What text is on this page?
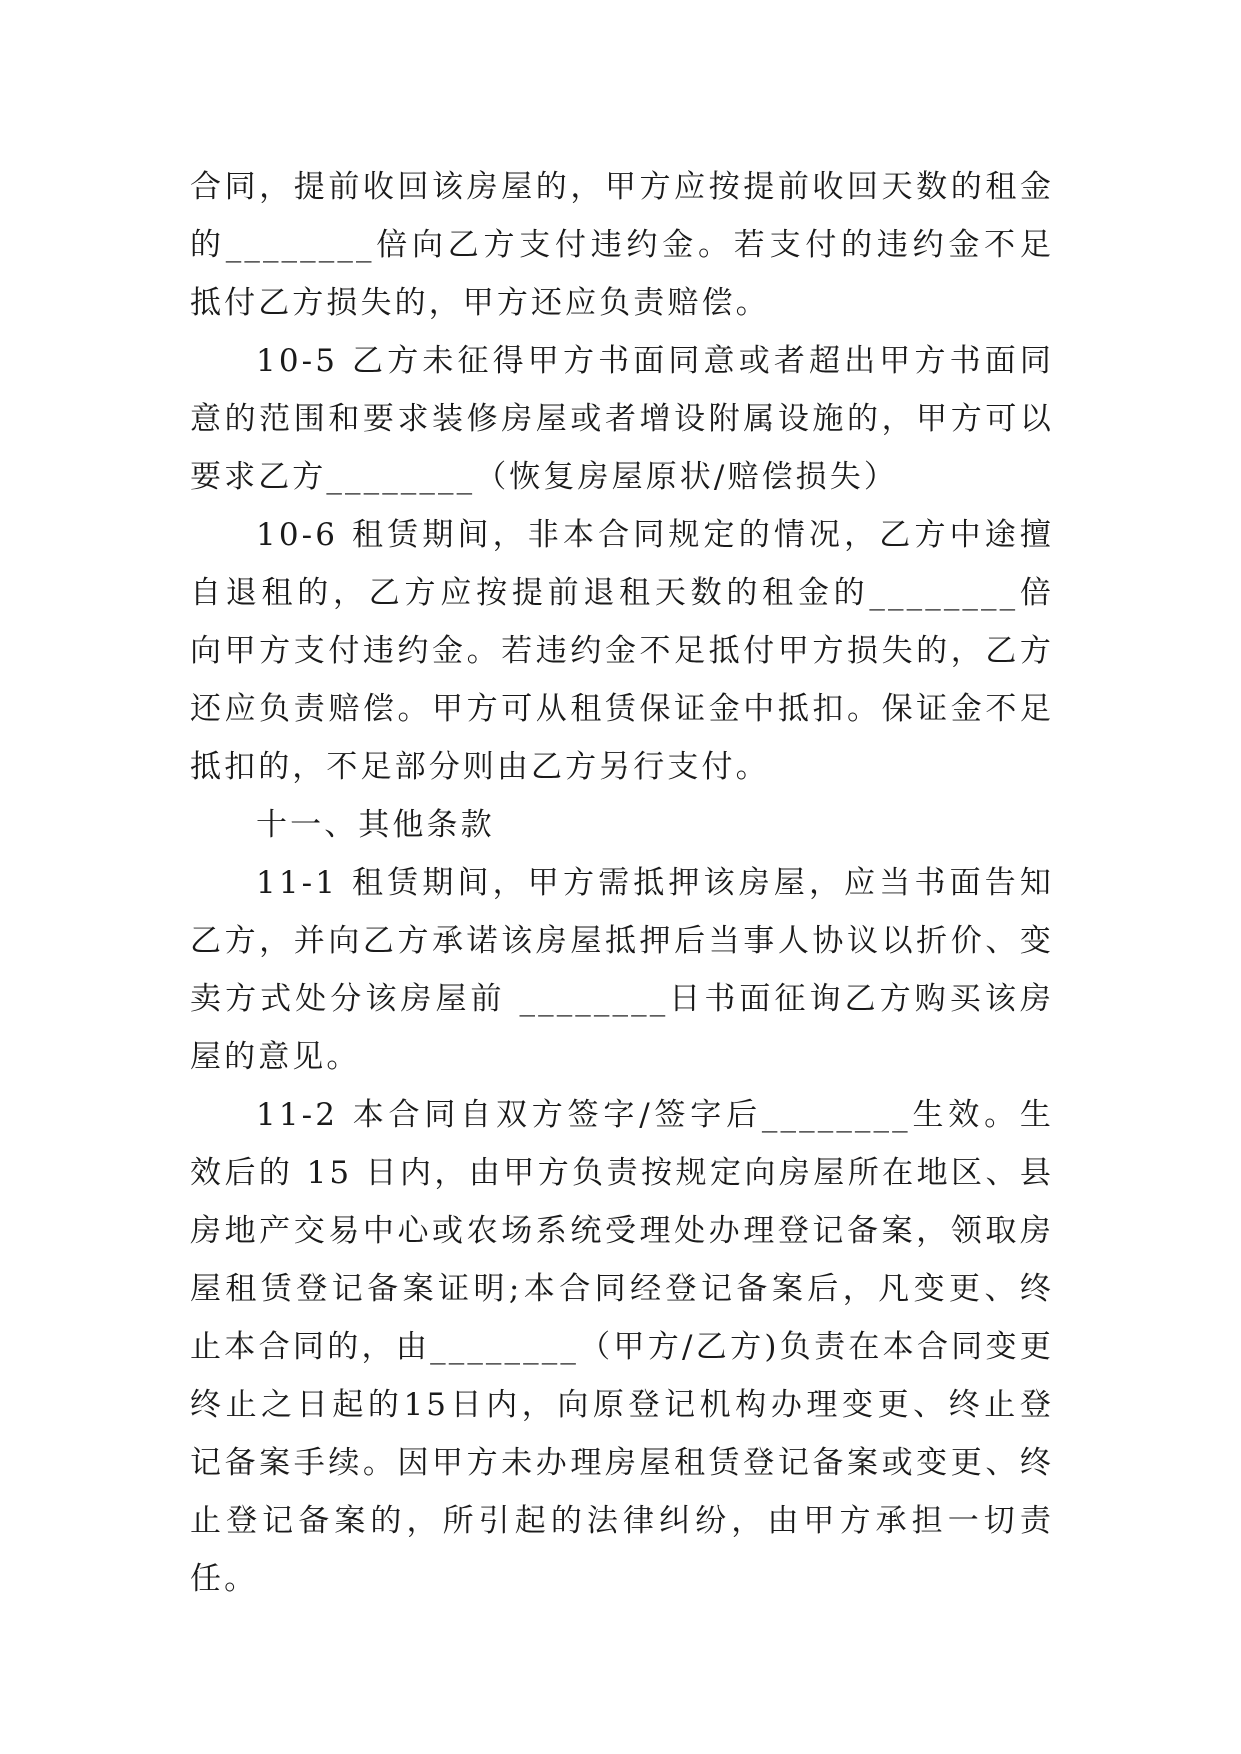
合同，提前收回该房屋的，甲方应按提前收回天数的租金的________倍向乙方支付违约金。若支付的违约金不足抵付乙方损失的，甲方还应负责赔偿。

10-5 乙方未征得甲方书面同意或者超出甲方书面同意的范围和要求装修房屋或者增设附属设施的，甲方可以要求乙方________（恢复房屋原状/赔偿损失）

10-6 租赁期间，非本合同规定的情况，乙方中途擅自退租的，乙方应按提前退租天数的租金的________倍向甲方支付违约金。若违约金不足抵付甲方损失的，乙方还应负责赔偿。甲方可从租赁保证金中抵扣。保证金不足抵扣的，不足部分则由乙方另行支付。

十一、其他条款

11-1 租赁期间，甲方需抵押该房屋，应当书面告知乙方，并向乙方承诺该房屋抵押后当事人协议以折价、变卖方式处分该房屋前 ________日书面征询乙方购买该房屋的意见。

11-2 本合同自双方签字/签字后________生效。生效后的 15 日内，由甲方负责按规定向房屋所在地区、县房地产交易中心或农场系统受理处办理登记备案，领取房屋租赁登记备案证明;本合同经登记备案后，凡变更、终止本合同的，由________（甲方/乙方)负责在本合同变更终止之日起的15日内，向原登记机构办理变更、终止登记备案手续。因甲方未办理房屋租赁登记备案或变更、终止登记备案的，所引起的法律纠纷，由甲方承担一切责任。
